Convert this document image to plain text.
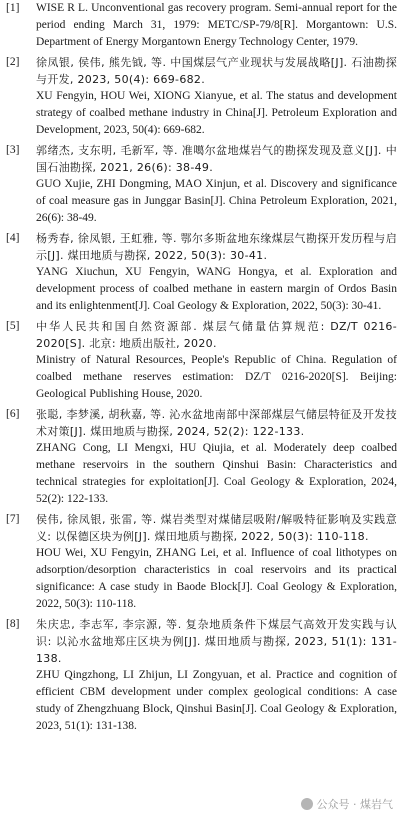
[1]	WISE R L. Unconventional gas recovery program. Semi-annual report for the period ending March 31, 1979: METC/SP-79/8[R]. Morgantown: U.S. Department of Energy Morgantown Energy Technology Center, 1979.

[2]	徐凤银, 侯伟, 熊先钺, 等. 中国煤层气产业现状与发展战略[J]. 石油勘探与开发, 2023, 50(4): 669-682.

XU Fengyin, HOU Wei, XIONG Xianyue, et al. The status and development strategy of coalbed methane industry in China[J]. Petroleum Exploration and Development, 2023, 50(4): 669-682.

[3]	郭绪杰, 支东明, 毛新军, 等. 准噶尔盆地煤岩气的勘探发现及意义[J]. 中国石油勘探, 2021, 26(6): 38-49.

GUO Xujie, ZHI Dongming, MAO Xinjun, et al. Discovery and significance of coal measure gas in Junggar Basin[J]. China Petroleum Exploration, 2021, 26(6): 38-49.

[4]	杨秀春, 徐凤银, 王虹雅, 等. 鄂尔多斯盆地东缘煤层气勘探开发历程与启示[J]. 煤田地质与勘探, 2022, 50(3): 30-41.

YANG Xiuchun, XU Fengyin, WANG Hongya, et al. Exploration and development process of coalbed methane in eastern margin of Ordos Basin and its enlightenment[J]. Coal Geology & Exploration, 2022, 50(3): 30-41.

[5]	中华人民共和国自然资源部. 煤层气储量估算规范: DZ/T 0216-2020[S]. 北京: 地质出版社, 2020.

Ministry of Natural Resources, People's Republic of China. Regulation of coalbed methane reserves estimation: DZ/T 0216-2020[S]. Beijing: Geological Publishing House, 2020.

[6]	张聪, 李梦溪, 胡秋嘉, 等. 沁水盆地南部中深部煤层气储层特征及开发技术对策[J]. 煤田地质与勘探, 2024, 52(2): 122-133.

ZHANG Cong, LI Mengxi, HU Qiujia, et al. Moderately deep coalbed methane reservoirs in the southern Qinshui Basin: Characteristics and technical strategies for exploitation[J]. Coal Geology & Exploration, 2024, 52(2): 122-133.

[7]	侯伟, 徐凤银, 张雷, 等. 煤岩类型对煤储层吸附/解吸特征影响及实践意义: 以保德区块为例[J]. 煤田地质与勘探, 2022, 50(3): 110-118.

HOU Wei, XU Fengyin, ZHANG Lei, et al. Influence of coal lithotypes on adsorption/desorption characteristics in coal reservoirs and its practical significance: A case study in Baode Block[J]. Coal Geology & Exploration, 2022, 50(3): 110-118.

[8]	朱庆忠, 李志军, 李宗源, 等. 复杂地质条件下煤层气高效开发实践与认识: 以沁水盆地郑庄区块为例[J]. 煤田地质与勘探, 2023, 51(1): 131-138.

ZHU Qingzhong, LI Zhijun, LI Zongyuan, et al. Practice and cognition of efficient CBM development under complex geological conditions: A case study of Zhengzhuang Block, Qinshui Basin[J]. Coal Geology & Exploration, 2023, 51(1): 131-138.

公众号 · 煤岩气
